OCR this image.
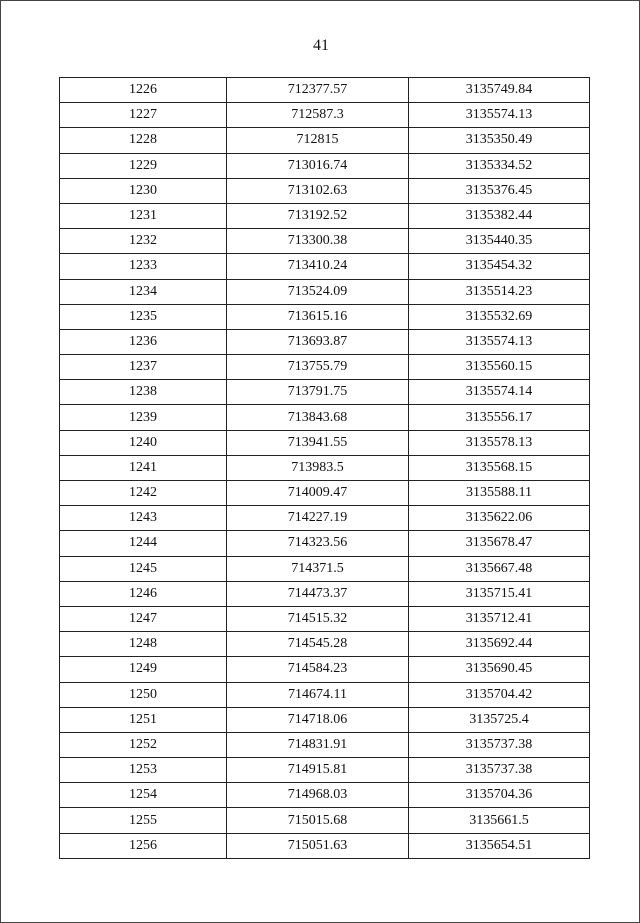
41
1226	712377.57	3135749.84
1227	712587.3	3135574.13
1228	712815	3135350.49
1229	713016.74	3135334.52
1230	713102.63	3135376.45
1231	713192.52	3135382.44
1232	713300.38	3135440.35
1233	713410.24	3135454.32
1234	713524.09	3135514.23
1235	713615.16	3135532.69
1236	713693.87	3135574.13
1237	713755.79	3135560.15
1238	713791.75	3135574.14
1239	713843.68	3135556.17
1240	713941.55	3135578.13
1241	713983.5	3135568.15
1242	714009.47	3135588.11
1243	714227.19	3135622.06
1244	714323.56	3135678.47
1245	714371.5	3135667.48
1246	714473.37	3135715.41
1247	714515.32	3135712.41
1248	714545.28	3135692.44
1249	714584.23	3135690.45
1250	714674.11	3135704.42
1251	714718.06	3135725.4
1252	714831.91	3135737.38
1253	714915.81	3135737.38
1254	714968.03	3135704.36
1255	715015.68	3135661.5
1256	715051.63	3135654.51
